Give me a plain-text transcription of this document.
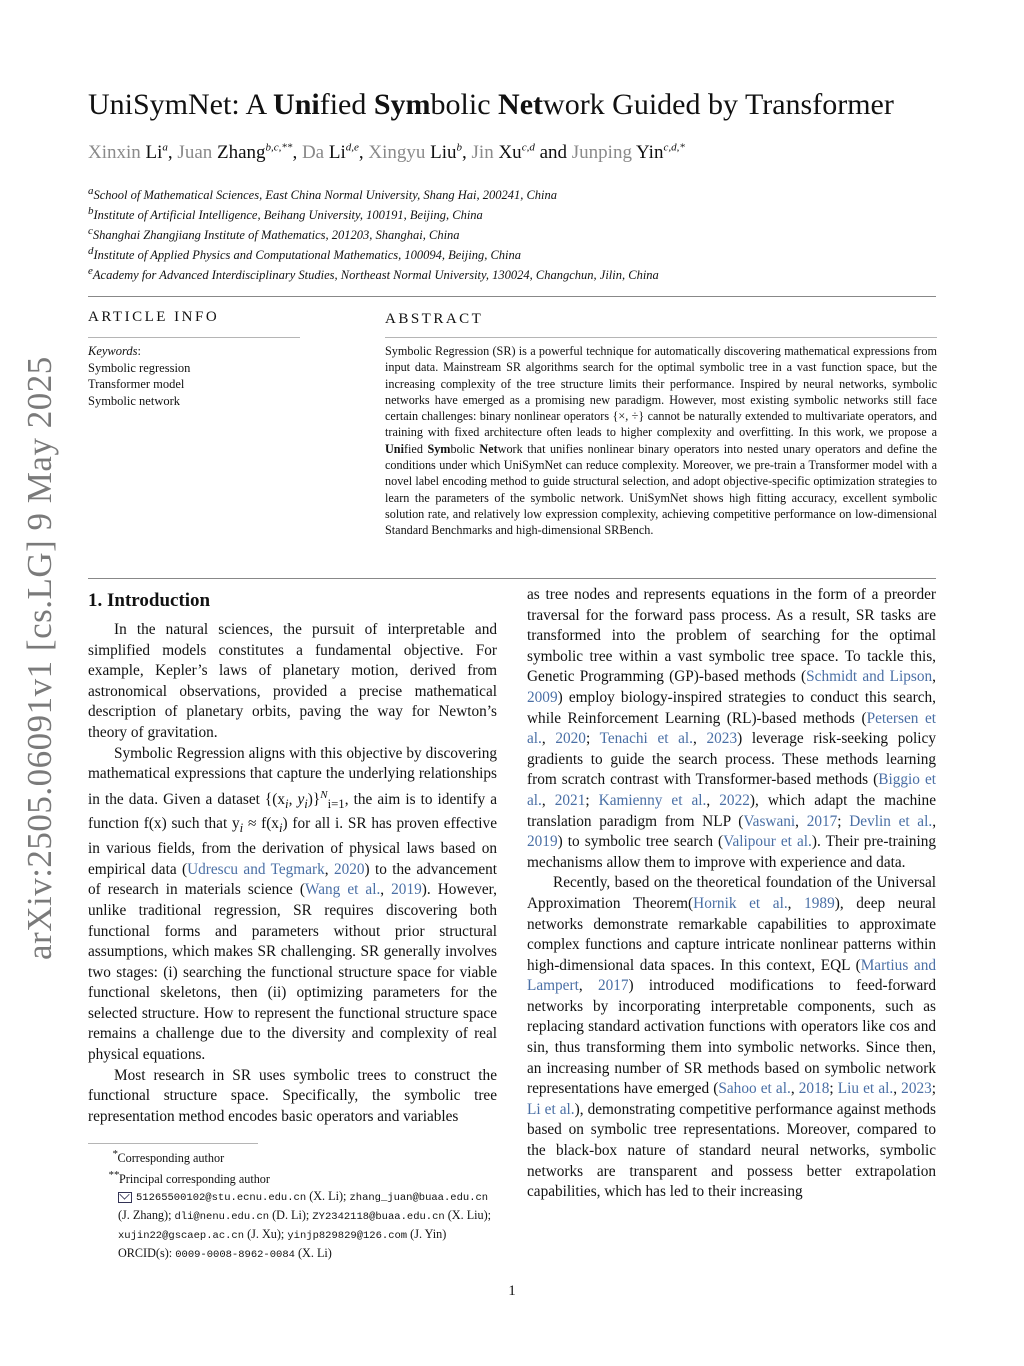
arXiv:2505.06091v1 [cs.LG] 9 May 2025
UniSymNet: A Unified Symbolic Network Guided by Transformer
Xinxin Li$^a$, Juan Zhang$^{b,c,**}$, Da Li$^{d,e}$, Xingyu Liu$^b$, Jin Xu$^{c,d}$ and Junping Yin$^{c,d,*}$
$^a$School of Mathematical Sciences, East China Normal University, Shang Hai, 200241, China
$^b$Institute of Artificial Intelligence, Beihang University, 100191, Beijing, China
$^c$Shanghai Zhangjiang Institute of Mathematics, 201203, Shanghai, China
$^d$Institute of Applied Physics and Computational Mathematics, 100094, Beijing, China
$^e$Academy for Advanced Interdisciplinary Studies, Northeast Normal University, 130024, Changchun, Jilin, China
ARTICLE INFO
Keywords:
Symbolic regression
Transformer model
Symbolic network
ABSTRACT
Symbolic Regression (SR) is a powerful technique for automatically discovering mathematical expressions from input data. Mainstream SR algorithms search for the optimal symbolic tree in a vast function space, but the increasing complexity of the tree structure limits their performance. Inspired by neural networks, symbolic networks have emerged as a promising new paradigm. However, most existing symbolic networks still face certain challenges: binary nonlinear operators {×, ÷} cannot be naturally extended to multivariate operators, and training with fixed architecture often leads to higher complexity and overfitting. In this work, we propose a Unified Symbolic Network that unifies nonlinear binary operators into nested unary operators and define the conditions under which UniSymNet can reduce complexity. Moreover, we pre-train a Transformer model with a novel label encoding method to guide structural selection, and adopt objective-specific optimization strategies to learn the parameters of the symbolic network. UniSymNet shows high fitting accuracy, excellent symbolic solution rate, and relatively low expression complexity, achieving competitive performance on low-dimensional Standard Benchmarks and high-dimensional SRBench.
1. Introduction

In the natural sciences, the pursuit of interpretable and simplified models constitutes a fundamental objective. For example, Kepler’s laws of planetary motion, derived from astronomical observations, provided a precise mathematical description of planetary orbits, paving the way for Newton’s theory of gravitation.

Symbolic Regression aligns with this objective by discovering mathematical expressions that capture the underlying relationships in the data. Given a dataset {($x_i$, $y_i)\}^N_{i=1}$, the aim is to identify a function f(x) such that $y_i \approx f(x_i)$ for all i. SR has proven effective in various fields, from the derivation of physical laws based on empirical data (Udrescu and Tegmark, 2020) to the advancement of research in materials science (Wang et al., 2019). However, unlike traditional regression, SR requires discovering both functional forms and parameters without prior structural assumptions, which makes SR challenging. SR generally involves two stages: (i) searching the functional structure space for viable functional skeletons, then (ii) optimizing parameters for the selected structure. How to represent the functional structure space remains a challenge due to the diversity and complexity of real physical equations.

Most research in SR uses symbolic trees to construct the functional structure space. Specifically, the symbolic tree representation method encodes basic operators and variables

*Corresponding author
**Principal corresponding author
51265500102@stu.ecnu.edu.cn (X. Li); zhang_juan@buaa.edu.cn (J. Zhang); dli@nenu.edu.cn (D. Li); ZY2342118@buaa.edu.cn (X. Liu); xujin22@gscaep.ac.cn (J. Xu); yinjp829829@126.com (J. Yin)
ORCID(s): 0009-0008-8962-0084 (X. Li)

as tree nodes and represents equations in the form of a preorder traversal for the forward pass process. As a result, SR tasks are transformed into the problem of searching for the optimal symbolic tree within a vast symbolic tree space. To tackle this, Genetic Programming (GP)-based methods (Schmidt and Lipson, 2009) employ biology-inspired strategies to conduct this search, while Reinforcement Learning (RL)-based methods (Petersen et al., 2020; Tenachi et al., 2023) leverage risk-seeking policy gradients to guide the search process. These methods learning from scratch contrast with Transformer-based methods (Biggio et al., 2021; Kamienny et al., 2022), which adapt the machine translation paradigm from NLP (Vaswani, 2017; Devlin et al., 2019) to symbolic tree search (Valipour et al.). Their pre-training mechanisms allow them to improve with experience and data.

Recently, based on the theoretical foundation of the Universal Approximation Theorem(Hornik et al., 1989), deep neural networks demonstrate remarkable capabilities to approximate complex functions and capture intricate nonlinear patterns within high-dimensional data spaces. In this context, EQL (Martius and Lampert, 2017) introduced modifications to feed-forward networks by incorporating interpretable components, such as replacing standard activation functions with operators like cos and sin, thus transforming them into symbolic networks. Since then, an increasing number of SR methods based on symbolic network representations have emerged (Sahoo et al., 2018; Liu et al., 2023; Li et al.), demonstrating competitive performance against methods based on symbolic tree representations. Moreover, compared to the black-box nature of standard neural networks, symbolic networks are transparent and possess better extrapolation capabilities, which has led to their increasing

1
